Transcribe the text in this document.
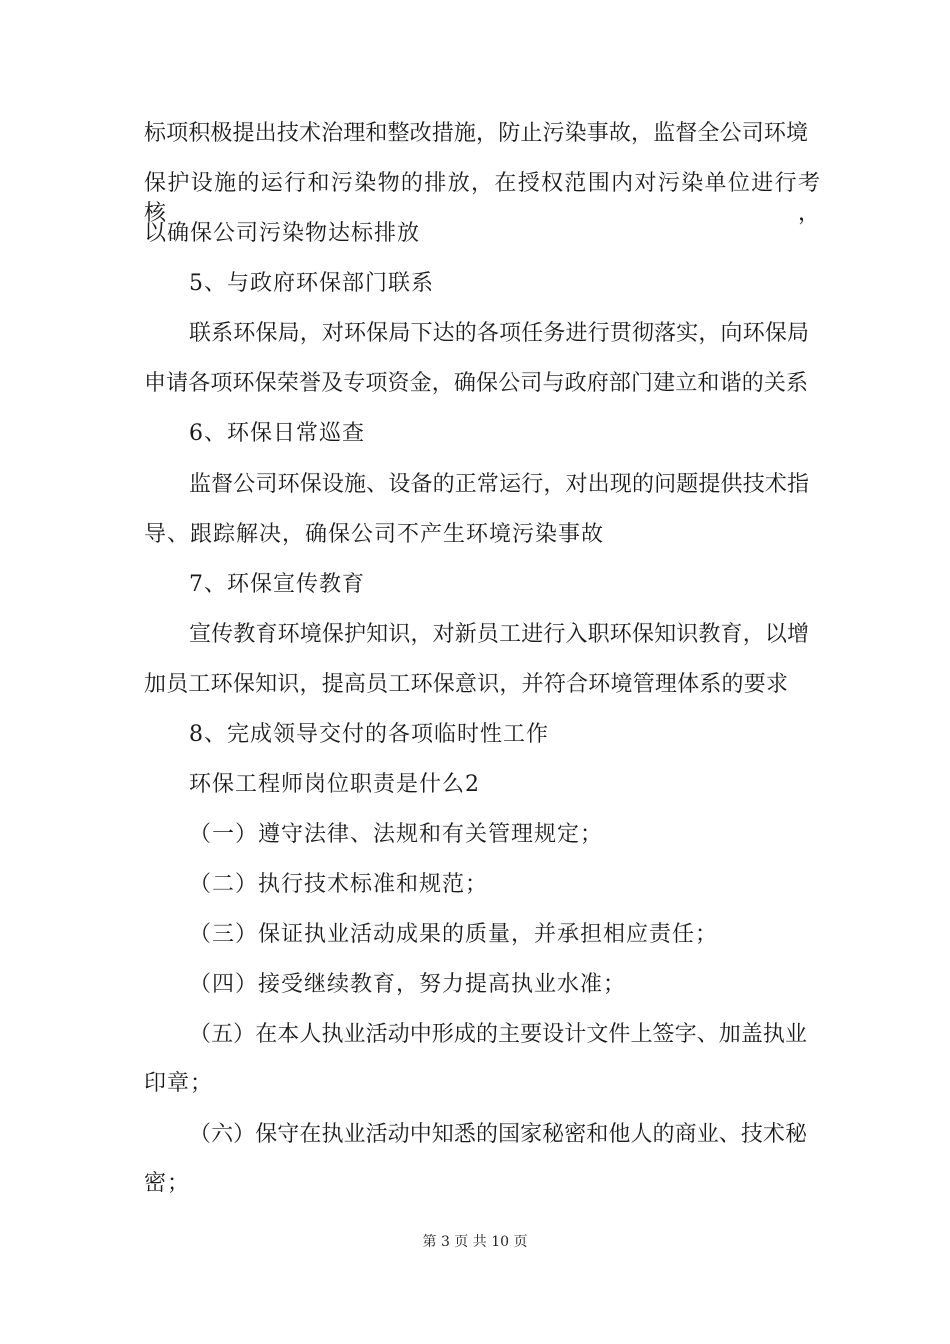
标项积极提出技术治理和整改措施，防止污染事故，监督全公司环境
保护设施的运行和污染物的排放，在授权范围内对污染单位进行考核，
以确保公司污染物达标排放
5、与政府环保部门联系
联系环保局，对环保局下达的各项任务进行贯彻落实，向环保局
申请各项环保荣誉及专项资金，确保公司与政府部门建立和谐的关系
6、环保日常巡查
监督公司环保设施、设备的正常运行，对出现的问题提供技术指
导、跟踪解决，确保公司不产生环境污染事故
7、环保宣传教育
宣传教育环境保护知识，对新员工进行入职环保知识教育，以增
加员工环保知识，提高员工环保意识，并符合环境管理体系的要求
8、完成领导交付的各项临时性工作
环保工程师岗位职责是什么2
（一）遵守法律、法规和有关管理规定；
（二）执行技术标准和规范；
（三）保证执业活动成果的质量，并承担相应责任；
（四）接受继续教育，努力提高执业水准；
（五）在本人执业活动中形成的主要设计文件上签字、加盖执业
印章；
（六）保守在执业活动中知悉的国家秘密和他人的商业、技术秘
密；
第 3 页 共 10 页
